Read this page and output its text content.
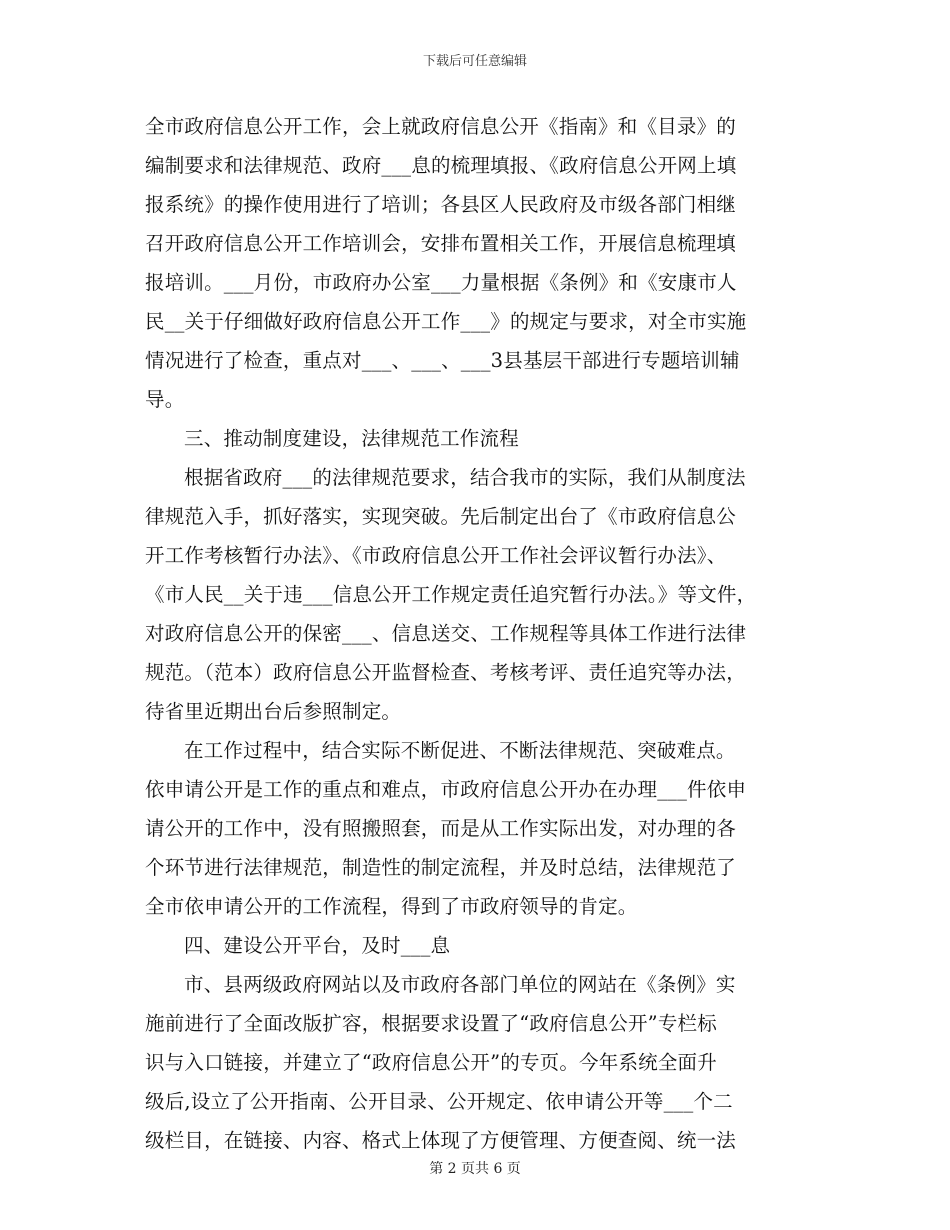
下载后可任意编辑
全市政府信息公开工作，会上就政府信息公开《指南》和《目录》的
编制要求和法律规范、政府___息的梳理填报、《政府信息公开网上填
报系统》的操作使用进行了培训；各县区人民政府及市级各部门相继
召开政府信息公开工作培训会，安排布置相关工作，开展信息梳理填
报培训。___月份，市政府办公室___力量根据《条例》和《安康市人
民__关于仔细做好政府信息公开工作___》的规定与要求，对全市实施
情况进行了检查，重点对___、___、___3县基层干部进行专题培训辅
导。
三、推动制度建设，法律规范工作流程
根据省政府___的法律规范要求，结合我市的实际，我们从制度法
律规范入手，抓好落实，实现突破。先后制定出台了《市政府信息公
开工作考核暂行办法》、《市政府信息公开工作社会评议暂行办法》、
《市人民__关于违___信息公开工作规定责任追究暂行办法。》等文件，
对政府信息公开的保密___、信息送交、工作规程等具体工作进行法律
规范。（范本）政府信息公开监督检查、考核考评、责任追究等办法，
待省里近期出台后参照制定。
在工作过程中，结合实际不断促进、不断法律规范、突破难点。
依申请公开是工作的重点和难点，市政府信息公开办在办理___件依申
请公开的工作中，没有照搬照套，而是从工作实际出发，对办理的各
个环节进行法律规范，制造性的制定流程，并及时总结，法律规范了
全市依申请公开的工作流程，得到了市政府领导的肯定。
四、建设公开平台，及时___息
市、县两级政府网站以及市政府各部门单位的网站在《条例》实
施前进行了全面改版扩容，根据要求设置了“政府信息公开”专栏标
识与入口链接，并建立了“政府信息公开”的专页。今年系统全面升
级后,设立了公开指南、公开目录、公开规定、依申请公开等___个二
级栏目，在链接、内容、格式上体现了方便管理、方便查阅、统一法
第 2 页共 6 页
